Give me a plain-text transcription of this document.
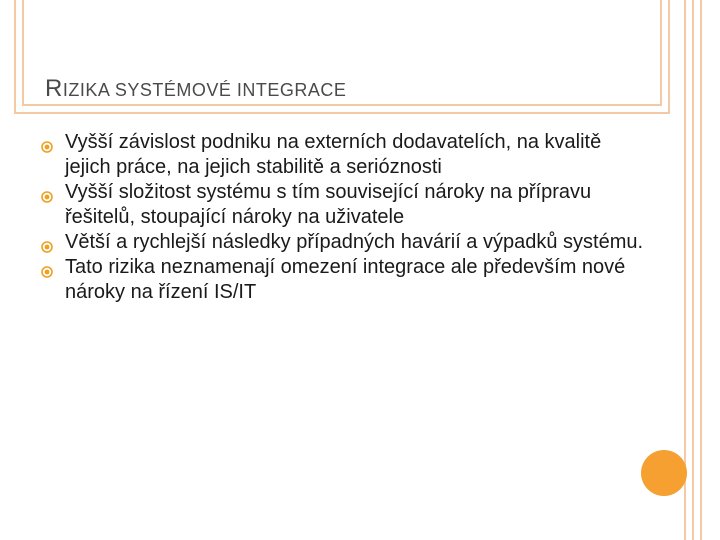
RIZIKA SYSTÉMOVÉ INTEGRACE
Vyšší závislost podniku na externích dodavatelích, na kvalitě jejich práce, na jejich stabilitě a serióznosti
Vyšší složitost systému s tím související nároky na přípravu řešitelů, stoupající nároky na uživatele
Větší a rychlejší následky případných havárií a výpadků systému.
Tato rizika neznamenají omezení integrace ale především nové nároky na řízení IS/IT
